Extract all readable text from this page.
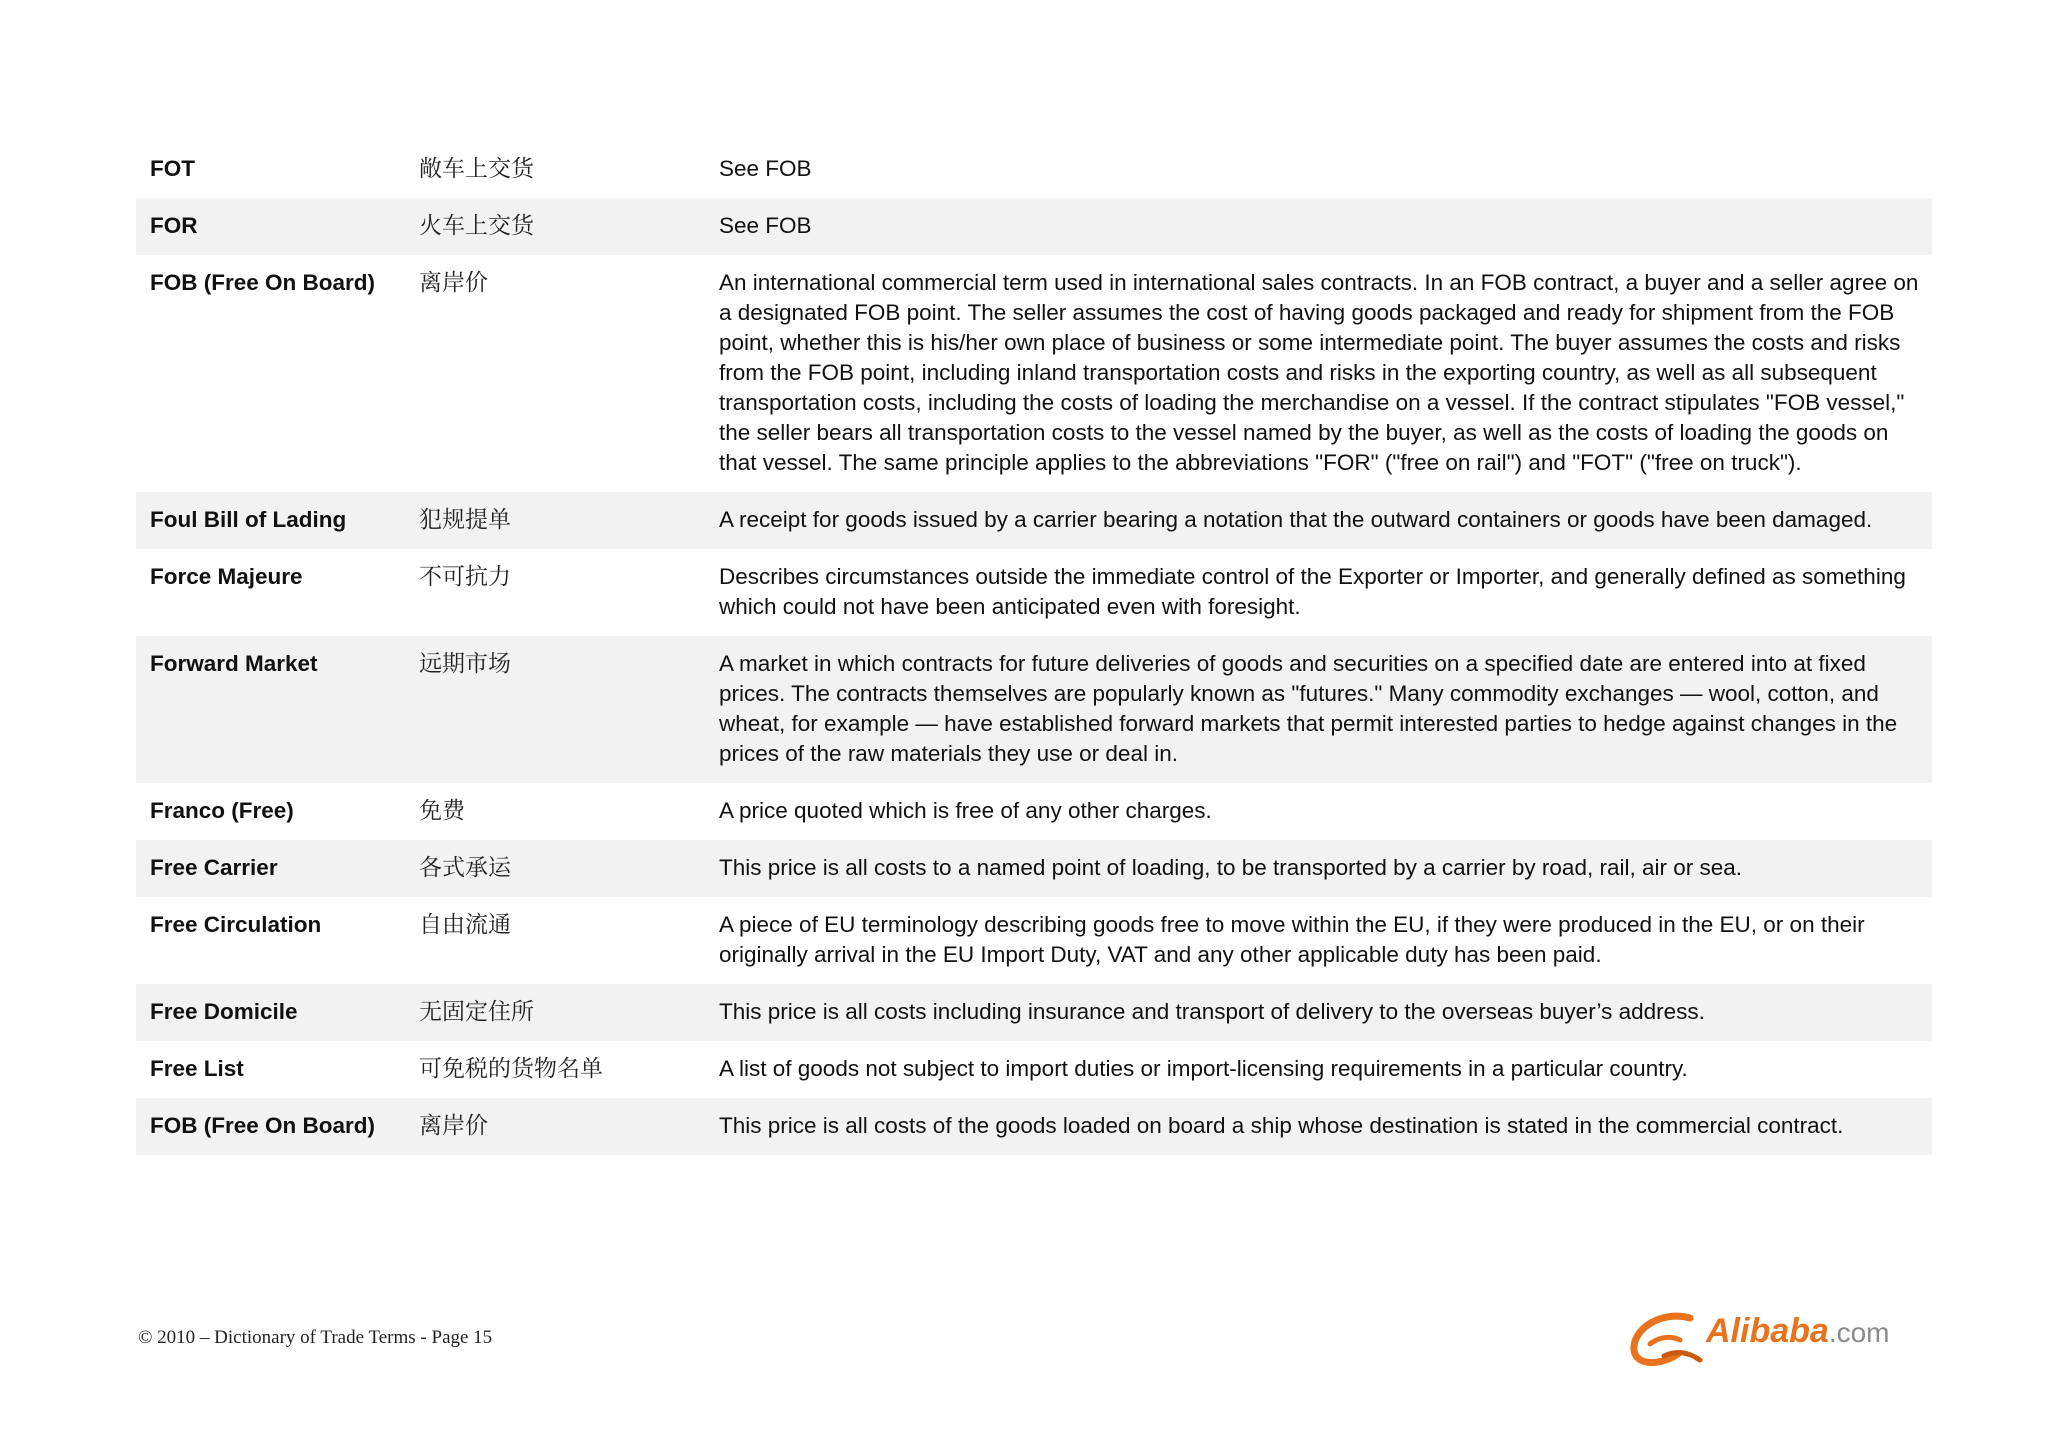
FOT	敞车上交货	See FOB
FOR	火车上交货	See FOB
FOB (Free On Board)	离岸价	An international commercial term used in international sales contracts. In an FOB contract, a buyer and a seller agree on a designated FOB point. The seller assumes the cost of having goods packaged and ready for shipment from the FOB point, whether this is his/her own place of business or some intermediate point. The buyer assumes the costs and risks from the FOB point, including inland transportation costs and risks in the exporting country, as well as all subsequent transportation costs, including the costs of loading the merchandise on a vessel. If the contract stipulates "FOB vessel," the seller bears all transportation costs to the vessel named by the buyer, as well as the costs of loading the goods on that vessel. The same principle applies to the abbreviations "FOR" ("free on rail") and "FOT" ("free on truck").
Foul Bill of Lading	犯规提单	A receipt for goods issued by a carrier bearing a notation that the outward containers or goods have been damaged.
Force Majeure	不可抗力	Describes circumstances outside the immediate control of the Exporter or Importer, and generally defined as something which could not have been anticipated even with foresight.
Forward Market	远期市场	A market in which contracts for future deliveries of goods and securities on a specified date are entered into at fixed prices. The contracts themselves are popularly known as "futures." Many commodity exchanges — wool, cotton, and wheat, for example — have established forward markets that permit interested parties to hedge against changes in the prices of the raw materials they use or deal in.
Franco (Free)	免费	A price quoted which is free of any other charges.
Free Carrier	各式承运	This price is all costs to a named point of loading, to be transported by a carrier by road, rail, air or sea.
Free Circulation	自由流通	A piece of EU terminology describing goods free to move within the EU, if they were produced in the EU, or on their originally arrival in the EU Import Duty, VAT and any other applicable duty has been paid.
Free Domicile	无固定住所	This price is all costs including insurance and transport of delivery to the overseas buyer’s address.
Free List	可免税的货物名单	A list of goods not subject to import duties or import-licensing requirements in a particular country.
FOB (Free On Board)	离岸价	This price is all costs of the goods loaded on board a ship whose destination is stated in the commercial contract.
© 2010 – Dictionary of Trade Terms - Page 15	Alibaba.com
